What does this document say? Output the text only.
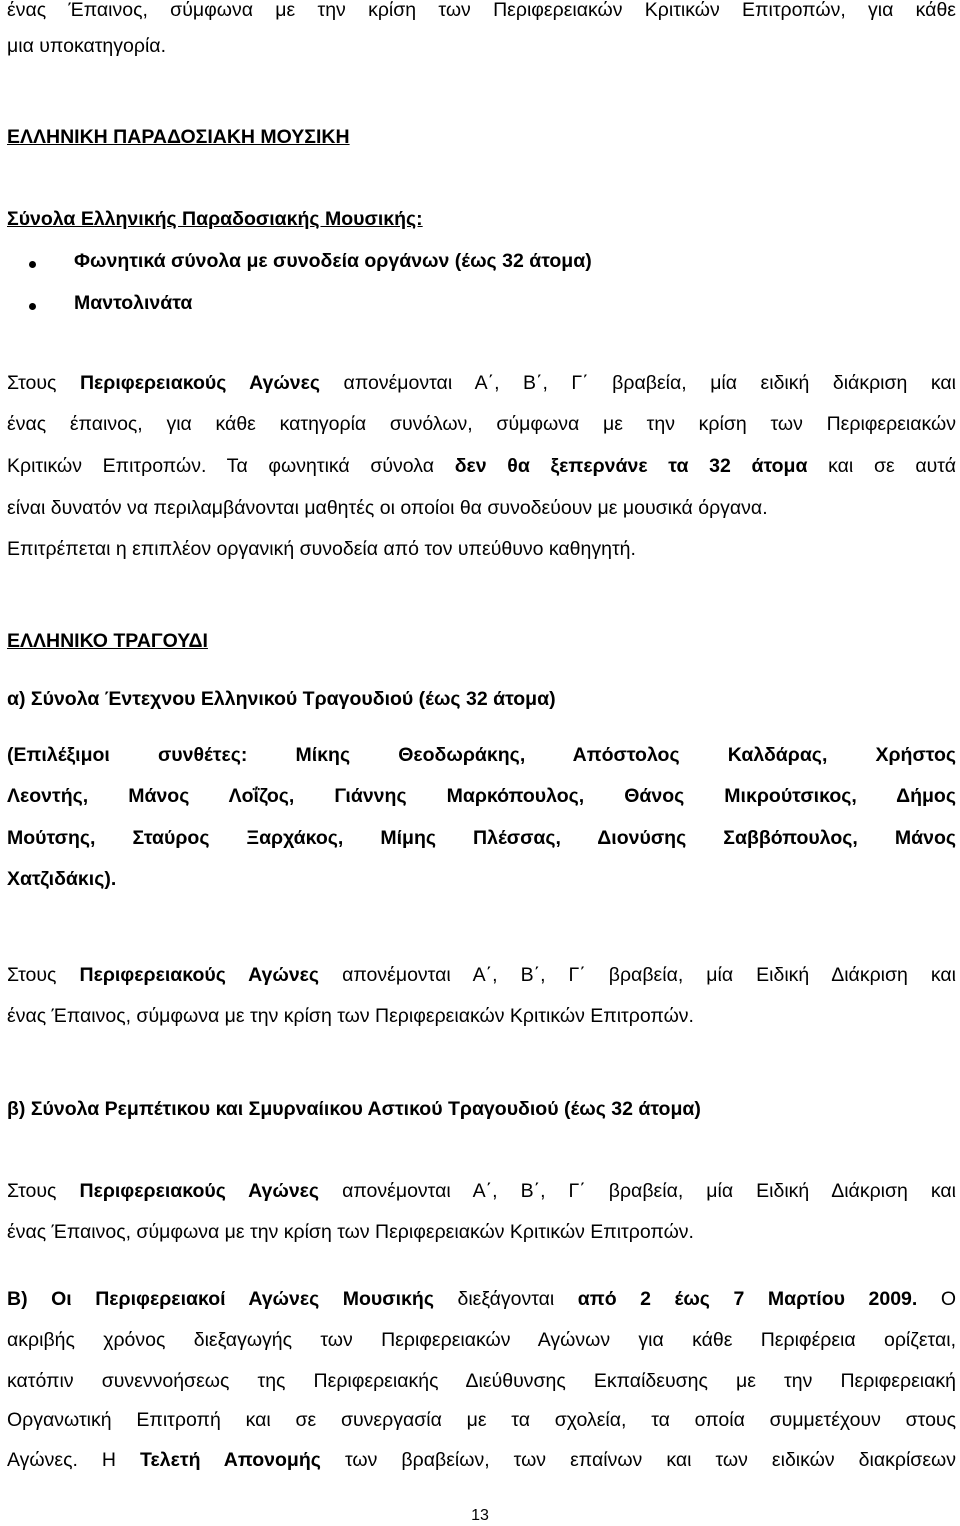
ένας Έπαινος, σύμφωνα με την κρίση των Περιφερειακών Κριτικών Επιτροπών, για κάθε
μια υποκατηγορία.
ΕΛΛΗΝΙΚΗ ΠΑΡΑΔΟΣΙΑΚΗ ΜΟΥΣΙΚΗ
Σύνολα Ελληνικής Παραδοσιακής Μουσικής:
Φωνητικά σύνολα με συνοδεία οργάνων (έως 32 άτομα)
Μαντολινάτα
Στους Περιφερειακούς Αγώνες απονέμονται Α΄, Β΄, Γ΄ βραβεία, μία ειδική διάκριση και
ένας έπαινος, για κάθε κατηγορία συνόλων, σύμφωνα με την κρίση των Περιφερειακών
Κριτικών Επιτροπών. Τα φωνητικά σύνολα δεν θα ξεπερνάνε τα 32 άτομα και σε αυτά
είναι δυνατόν να περιλαμβάνονται μαθητές οι οποίοι θα συνοδεύουν με μουσικά όργανα.
Επιτρέπεται η επιπλέον οργανική συνοδεία από τον υπεύθυνο καθηγητή.
ΕΛΛΗΝΙΚΟ ΤΡΑΓΟΥΔΙ
α) Σύνολα Έντεχνου Ελληνικού Τραγουδιού (έως 32 άτομα)
(Επιλέξιμοι συνθέτες: Μίκης Θεοδωράκης, Απόστολος Καλδάρας, Χρήστος
Λεοντής, Μάνος Λοΐζος, Γιάννης Μαρκόπουλος, Θάνος Μικρούτσικος, Δήμος
Μούτσης, Σταύρος Ξαρχάκος, Μίμης Πλέσσας, Διονύσης Σαββόπουλος, Μάνος
Χατζιδάκις).
Στους Περιφερειακούς Αγώνες απονέμονται Α΄, Β΄, Γ΄ βραβεία, μία Ειδική Διάκριση και
ένας Έπαινος, σύμφωνα με την κρίση των Περιφερειακών Κριτικών Επιτροπών.
β) Σύνολα Ρεμπέτικου και Σμυρναίικου Αστικού Τραγουδιού (έως 32 άτομα)
Στους Περιφερειακούς Αγώνες απονέμονται Α΄, Β΄, Γ΄ βραβεία, μία Ειδική Διάκριση και
ένας Έπαινος, σύμφωνα με την κρίση των Περιφερειακών Κριτικών Επιτροπών.
Β) Οι Περιφερειακοί Αγώνες Μουσικής διεξάγονται από 2 έως 7 Μαρτίου 2009. Ο
ακριβής χρόνος διεξαγωγής των Περιφερειακών Αγώνων για κάθε Περιφέρεια ορίζεται,
κατόπιν συνεννοήσεως της Περιφερειακής Διεύθυνσης Εκπαίδευσης με την Περιφερειακή
Οργανωτική Επιτροπή και σε συνεργασία με τα σχολεία, τα οποία συμμετέχουν στους
Αγώνες. Η Τελετή Απονομής των βραβείων, των επαίνων και των ειδικών διακρίσεων
13
